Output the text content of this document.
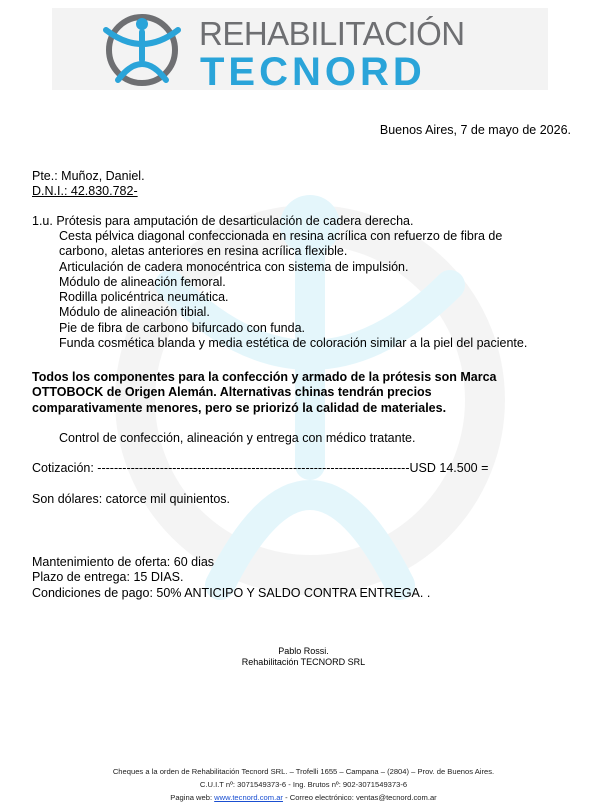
REHABILITACIÓN
TECNORD
Buenos Aires, 7 de mayo de 2026.
Pte.: Muñoz, Daniel.
D.N.I.: 42.830.782-
1.u. Prótesis para amputación de desarticulación de cadera derecha.
Cesta pélvica diagonal confeccionada en resina acrílica con refuerzo de fibra de
carbono, aletas anteriores en resina acrílica flexible.
Articulación de cadera monocéntrica con sistema de impulsión.
Módulo de alineación femoral.
Rodilla policéntrica neumática.
Módulo de alineación tibial.
Pie de fibra de carbono bifurcado con funda.
Funda cosmética blanda y media estética de coloración similar a la piel del paciente.
Todos los componentes para la confección y armado de la prótesis son Marca
OTTOBOCK de Origen Alemán. Alternativas chinas tendrán precios
comparativamente menores, pero se priorizó la calidad de materiales.
Control de confección, alineación y entrega con médico tratante.
Cotización: ---------------------------------------------------------------------------USD 14.500 =
Son dólares: catorce mil quinientos.
Mantenimiento de oferta: 60 dias
Plazo de entrega: 15 DIAS.
Condiciones de pago: 50% ANTICIPO Y SALDO CONTRA ENTREGA. .
Pablo Rossi.
Rehabilitación TECNORD SRL
Cheques a la orden de Rehabilitación Tecnord SRL. – Trofelli 1655 – Campana – (2804) – Prov. de Buenos Aires.
C.U.I.T nº: 3071549373-6 - Ing. Brutos nº: 902-3071549373-6
Pagina web: www.tecnord.com.ar - Correo electrónico: ventas@tecnord.com.ar
